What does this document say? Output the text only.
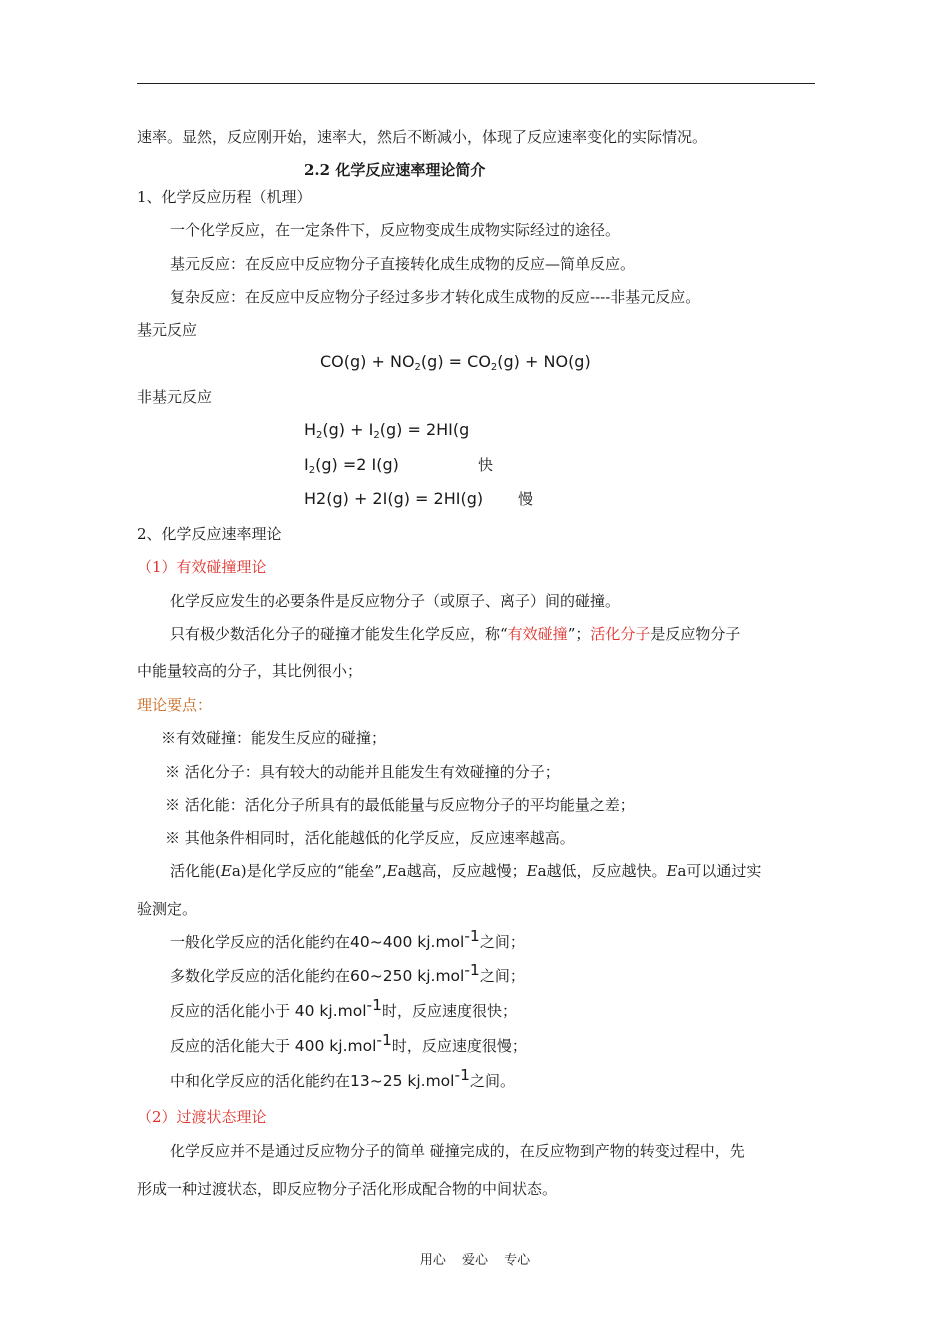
速率。显然，反应刚开始，速率大，然后不断减小，体现了反应速率变化的实际情况。
2.2 化学反应速率理论简介
1、化学反应历程（机理）
一个化学反应，在一定条件下，反应物变成生成物实际经过的途径。
基元反应：在反应中反应物分子直接转化成生成物的反应—简单反应。
复杂反应：在反应中反应物分子经过多步才转化成生成物的反应----非基元反应。
基元反应
$CO(g) + NO_2(g) = CO_2(g) + NO(g)$
非基元反应
$H_2(g) + I_2(g) = 2HI(g$
$I_2(g) =2$ I(g)	快
H2(g) + 2I(g) = 2HI(g) 慢
2、化学反应速率理论
（1）有效碰撞理论
化学反应发生的必要条件是反应物分子（或原子、离子）间的碰撞。
只有极少数活化分子的碰撞才能发生化学反应，称“有效碰撞”；活化分子是反应物分子
中能量较高的分子，其比例很小；
理论要点：
※有效碰撞：能发生反应的碰撞；
※ 活化分子：具有较大的动能并且能发生有效碰撞的分子；
※ 活化能：活化分子所具有的最低能量与反应物分子的平均能量之差；
※ 其他条件相同时，活化能越低的化学反应，反应速率越高。
活化能(Ea)是化学反应的“能垒”,Ea越高，反应越慢；Ea越低，反应越快。Ea可以通过实
验测定。
一般化学反应的活化能约在40~400 kj.mol$^{-1}$之间；
多数化学反应的活化能约在60~250 kj.mol$^{-1}$之间；
反应的活化能小于 40 kj.mol$^{-1}$时，反应速度很快；
反应的活化能大于 400 kj.mol$^{-1}$时，反应速度很慢；
中和化学反应的活化能约在13~25 kj.mol$^{-1}$之间。
（2）过渡状态理论
化学反应并不是通过反应物分子的简单 碰撞完成的，在反应物到产物的转变过程中，先
形成一种过渡状态，即反应物分子活化形成配合物的中间状态。
用心 爱心 专心
